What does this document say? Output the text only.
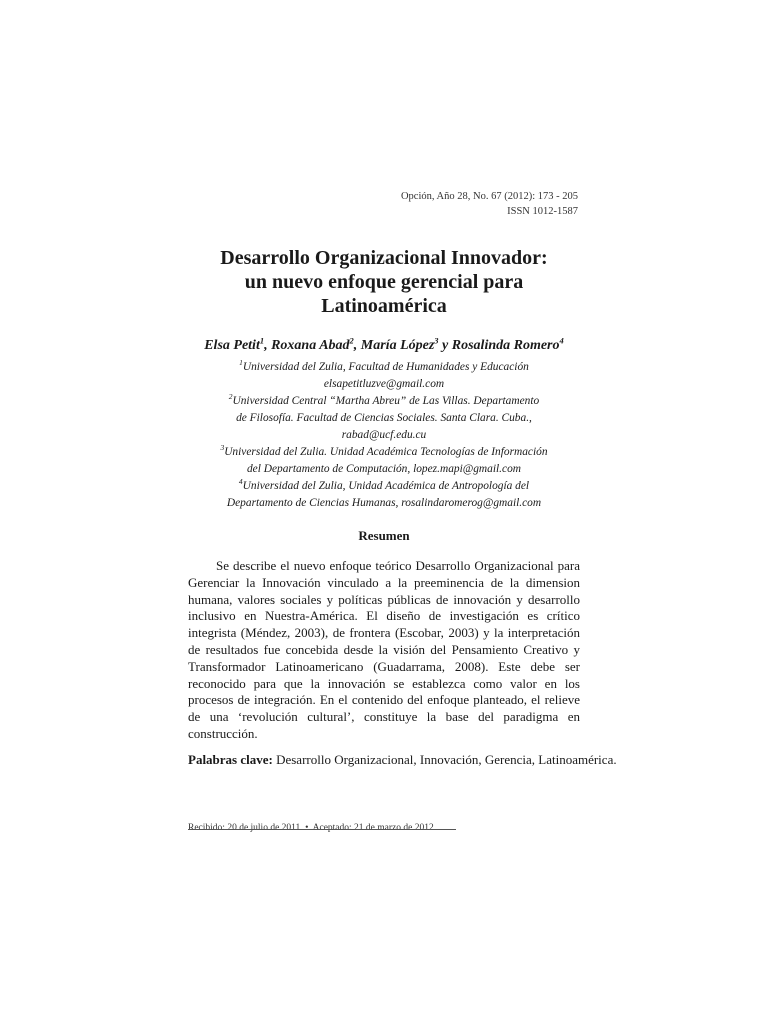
Opción, Año 28, No. 67 (2012): 173 - 205
ISSN 1012-1587
Desarrollo Organizacional Innovador:
un nuevo enfoque gerencial para
Latinoamérica
Elsa Petit$^1$, Roxana Abad$^2$, María López$^3$ y Rosalinda Romero$^4$

$^1$Universidad del Zulia, Facultad de Humanidades y Educación

elsapetitluzve@gmail.com

$^2$Universidad Central “Martha Abreu” de Las Villas. Departamento

de Filosofía. Facultad de Ciencias Sociales. Santa Clara. Cuba.,

rabad@ucf.edu.cu

$^3$Universidad del Zulia. Unidad Académica Tecnologías de Información

del Departamento de Computación, lopez.mapi@gmail.com

$^4$Universidad del Zulia, Unidad Académica de Antropología del

Departamento de Ciencias Humanas, rosalindaromerog@gmail.com

Resumen

Se describe el nuevo enfoque teórico Desarrollo Organizacional para Gerenciar la Innovación vinculado a la preeminencia de la dimension humana, valores sociales y políticas públicas de innovación y desarrollo inclusivo en Nuestra-América. El diseño de investigación es crítico integrista (Méndez, 2003), de frontera (Escobar, 2003) y la interpretación de resultados fue concebida desde la visión del Pensamiento Creativo y Transformador Latinoamericano (Guadarrama, 2008). Este debe ser reconocido para que la innovación se establezca como valor en los procesos de integración. En el contenido del enfoque planteado, el relieve de una ‘revolución cultural’, constituye la base del paradigma en construcción.

Palabras clave: Desarrollo Organizacional, Innovación, Gerencia, Latinoamérica.

Recibido: 20 de julio de 2011 • Aceptado: 21 de marzo de 2012
